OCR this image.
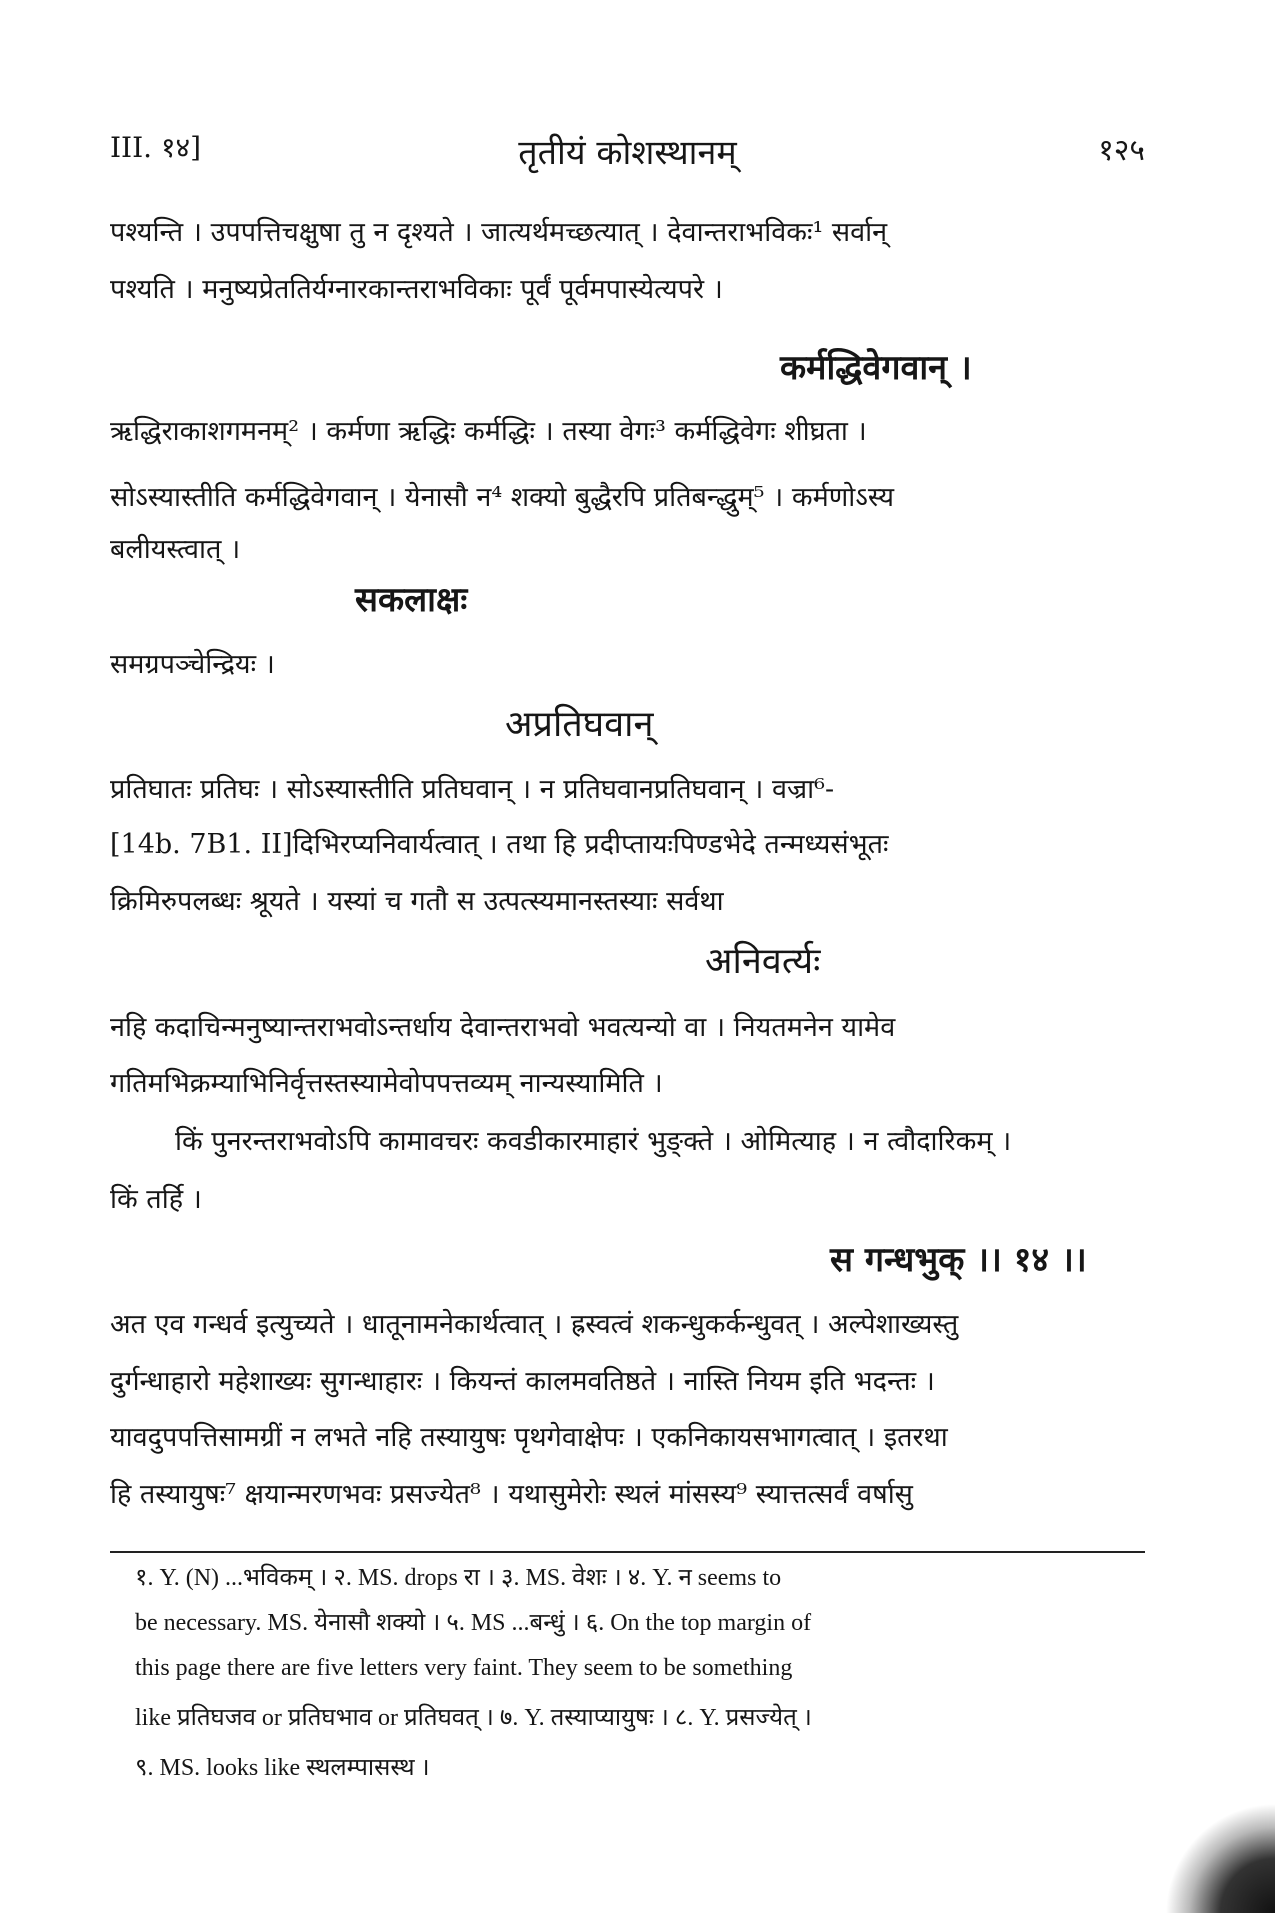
III. १४]	तृतीयं कोशस्थानम्	१२५
पश्यन्ति । उपपत्तिचक्षुषा तु न दृश्यते । जात्यर्थमच्छत्यात् । देवान्तराभविकः¹ सर्वान्
पश्यति । मनुष्यप्रेततिर्यग्नारकान्तराभविकाः पूर्वं पूर्वमपास्येत्यपरे ।
कर्मद्धिवेगवान् ।
ऋद्धिराकाशगमनम्² । कर्मणा ऋद्धिः कर्मद्धिः । तस्या वेगः³ कर्मद्धिवेगः शीघ्रता ।
सोऽस्यास्तीति कर्मद्धिवेगवान् । येनासौ न⁴ शक्यो बुद्धैरपि प्रतिबन्द्धुम्⁵ । कर्मणोऽस्य
बलीयस्त्वात् ।
सकलाक्षः
समग्रपञ्चेन्द्रियः ।
अप्रतिघवान्
प्रतिघातः प्रतिघः । सोऽस्यास्तीति प्रतिघवान् । न प्रतिघवानप्रतिघवान् । वज्रा⁶-
[14b. 7B1. II]दिभिरप्यनिवार्यत्वात् । तथा हि प्रदीप्तायःपिण्डभेदे तन्मध्यसंभूतः
क्रिमिरुपलब्धः श्रूयते । यस्यां च गतौ स उत्पत्स्यमानस्तस्याः सर्वथा
अनिवर्त्यः
नहि कदाचिन्मनुष्यान्तराभवोऽन्तर्धाय देवान्तराभवो भवत्यन्यो वा । नियतमनेन यामेव
गतिमभिक्रम्याभिनिर्वृत्तस्तस्यामेवोपपत्तव्यम् नान्यस्यामिति ।
किं पुनरन्तराभवोऽपि कामावचरः कवडीकारमाहारं भुङ्क्ते । ओमित्याह । न त्वौदारिकम् ।
किं तर्हि ।
स गन्धभुक् ।। १४ ।।
अत एव गन्धर्व इत्युच्यते । धातूनामनेकार्थत्वात् । ह्रस्वत्वं शकन्धुकर्कन्धुवत् । अल्पेशाख्यस्तु
दुर्गन्धाहारो महेशाख्यः सुगन्धाहारः । कियन्तं कालमवतिष्ठते । नास्ति नियम इति भदन्तः ।
यावदुपपत्तिसामग्रीं न लभते नहि तस्यायुषः पृथगेवाक्षेपः । एकनिकायसभागत्वात् । इतरथा
हि तस्यायुषः⁷ क्षयान्मरणभवः प्रसज्येत⁸ । यथासुमेरोः स्थलं मांसस्य⁹ स्यात्तत्सर्वं वर्षासु
१. Y. (N) ...भविकम् । २. MS. drops रा । ३. MS. वेशः । ४. Y. न seems to
be necessary. MS. येनासौ शक्यो । ५. MS ...बन्धुं । ६. On the top margin of
this page there are five letters very faint. They seem to be something
like प्रतिघजव or प्रतिघभाव or प्रतिघवत् । ७. Y. तस्याप्यायुषः । ८. Y. प्रसज्येत् ।
९. MS. looks like स्थलम्पासस्थ ।
